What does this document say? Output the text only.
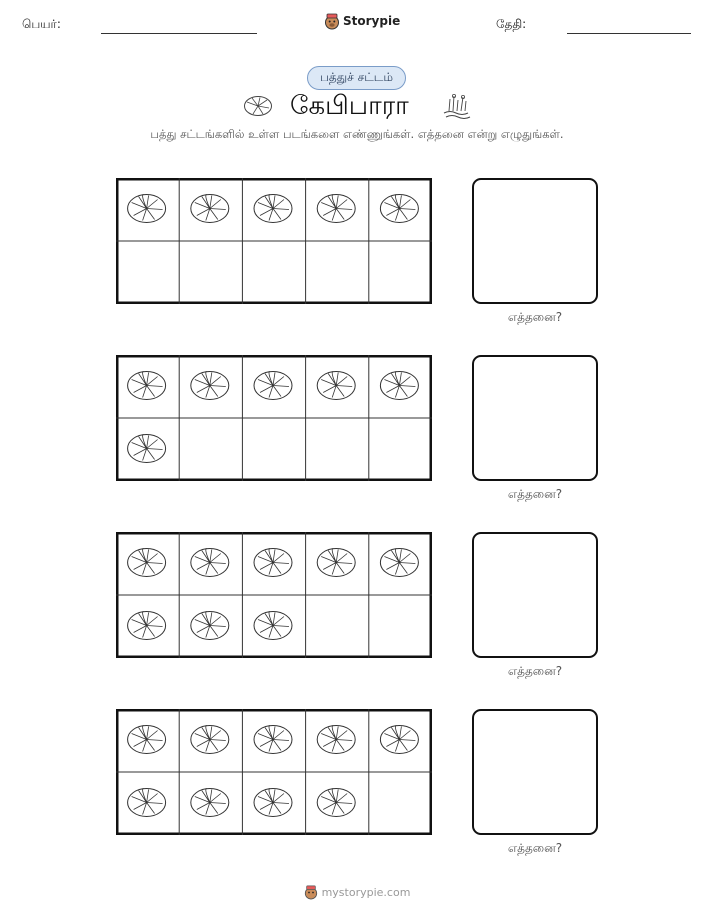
பெயர்:	Storypie	தேதி:
பத்துச் சட்டம்
கேபிபாரா
பத்து சட்டங்களில் உள்ள படங்களை எண்ணுங்கள். எத்தனை என்று எழுதுங்கள்.
எத்தனை?
எத்தனை?
எத்தனை?
எத்தனை?
mystorypie.com
